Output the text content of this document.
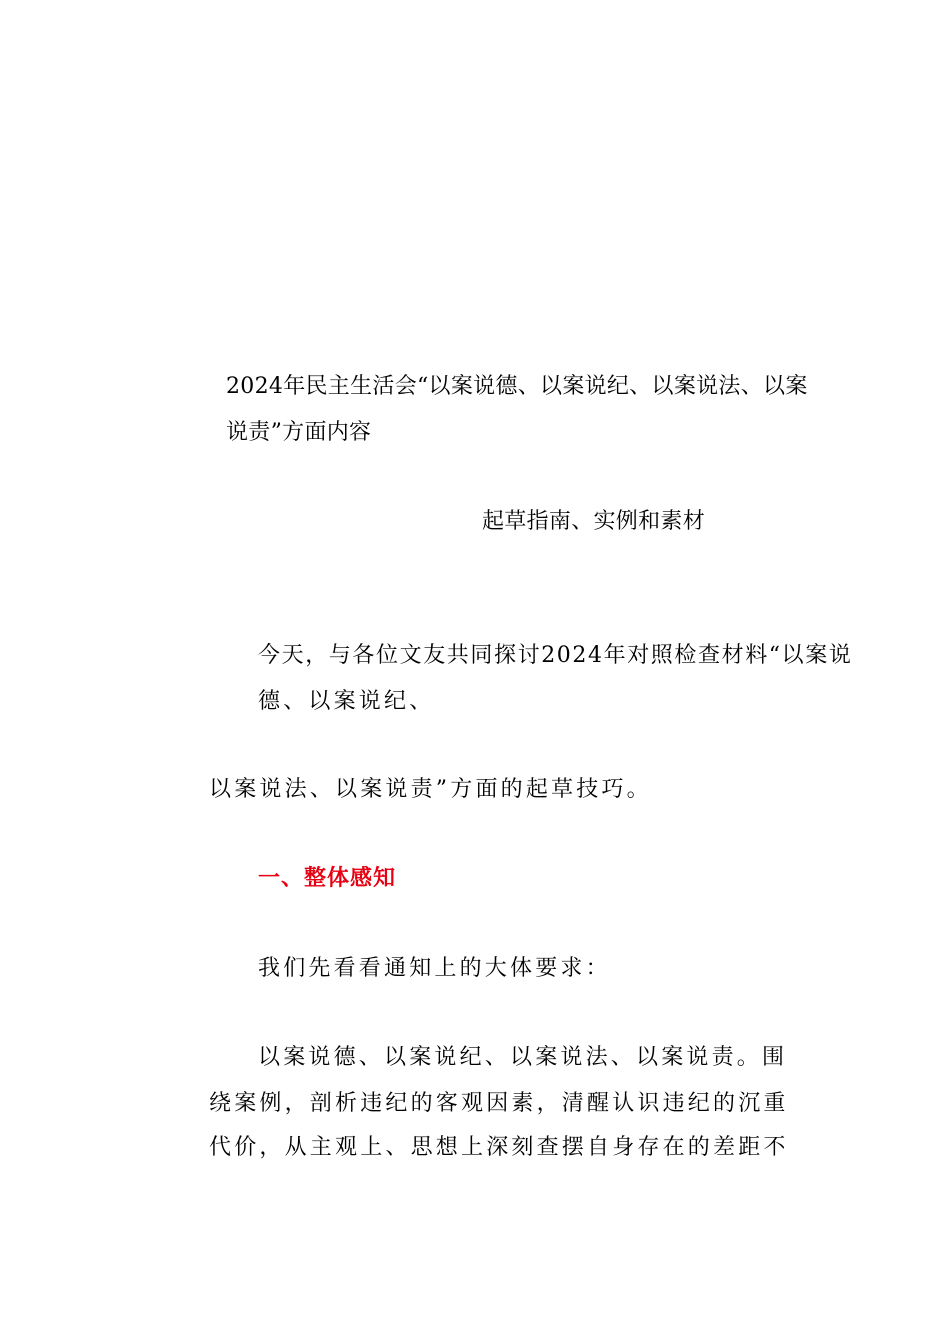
2024年民主生活会“以案说德、以案说纪、以案说法、以案
说责”方面内容
起草指南、实例和素材
今天，与各位文友共同探讨2024年对照检查材料“以案说
德、以案说纪、
以案说法、以案说责”方面的起草技巧。
一、整体感知
我们先看看通知上的大体要求：
以案说德、以案说纪、以案说法、以案说责。围
绕案例，剖析违纪的客观因素，清醒认识违纪的沉重
代价，从主观上、思想上深刻查摆自身存在的差距不
